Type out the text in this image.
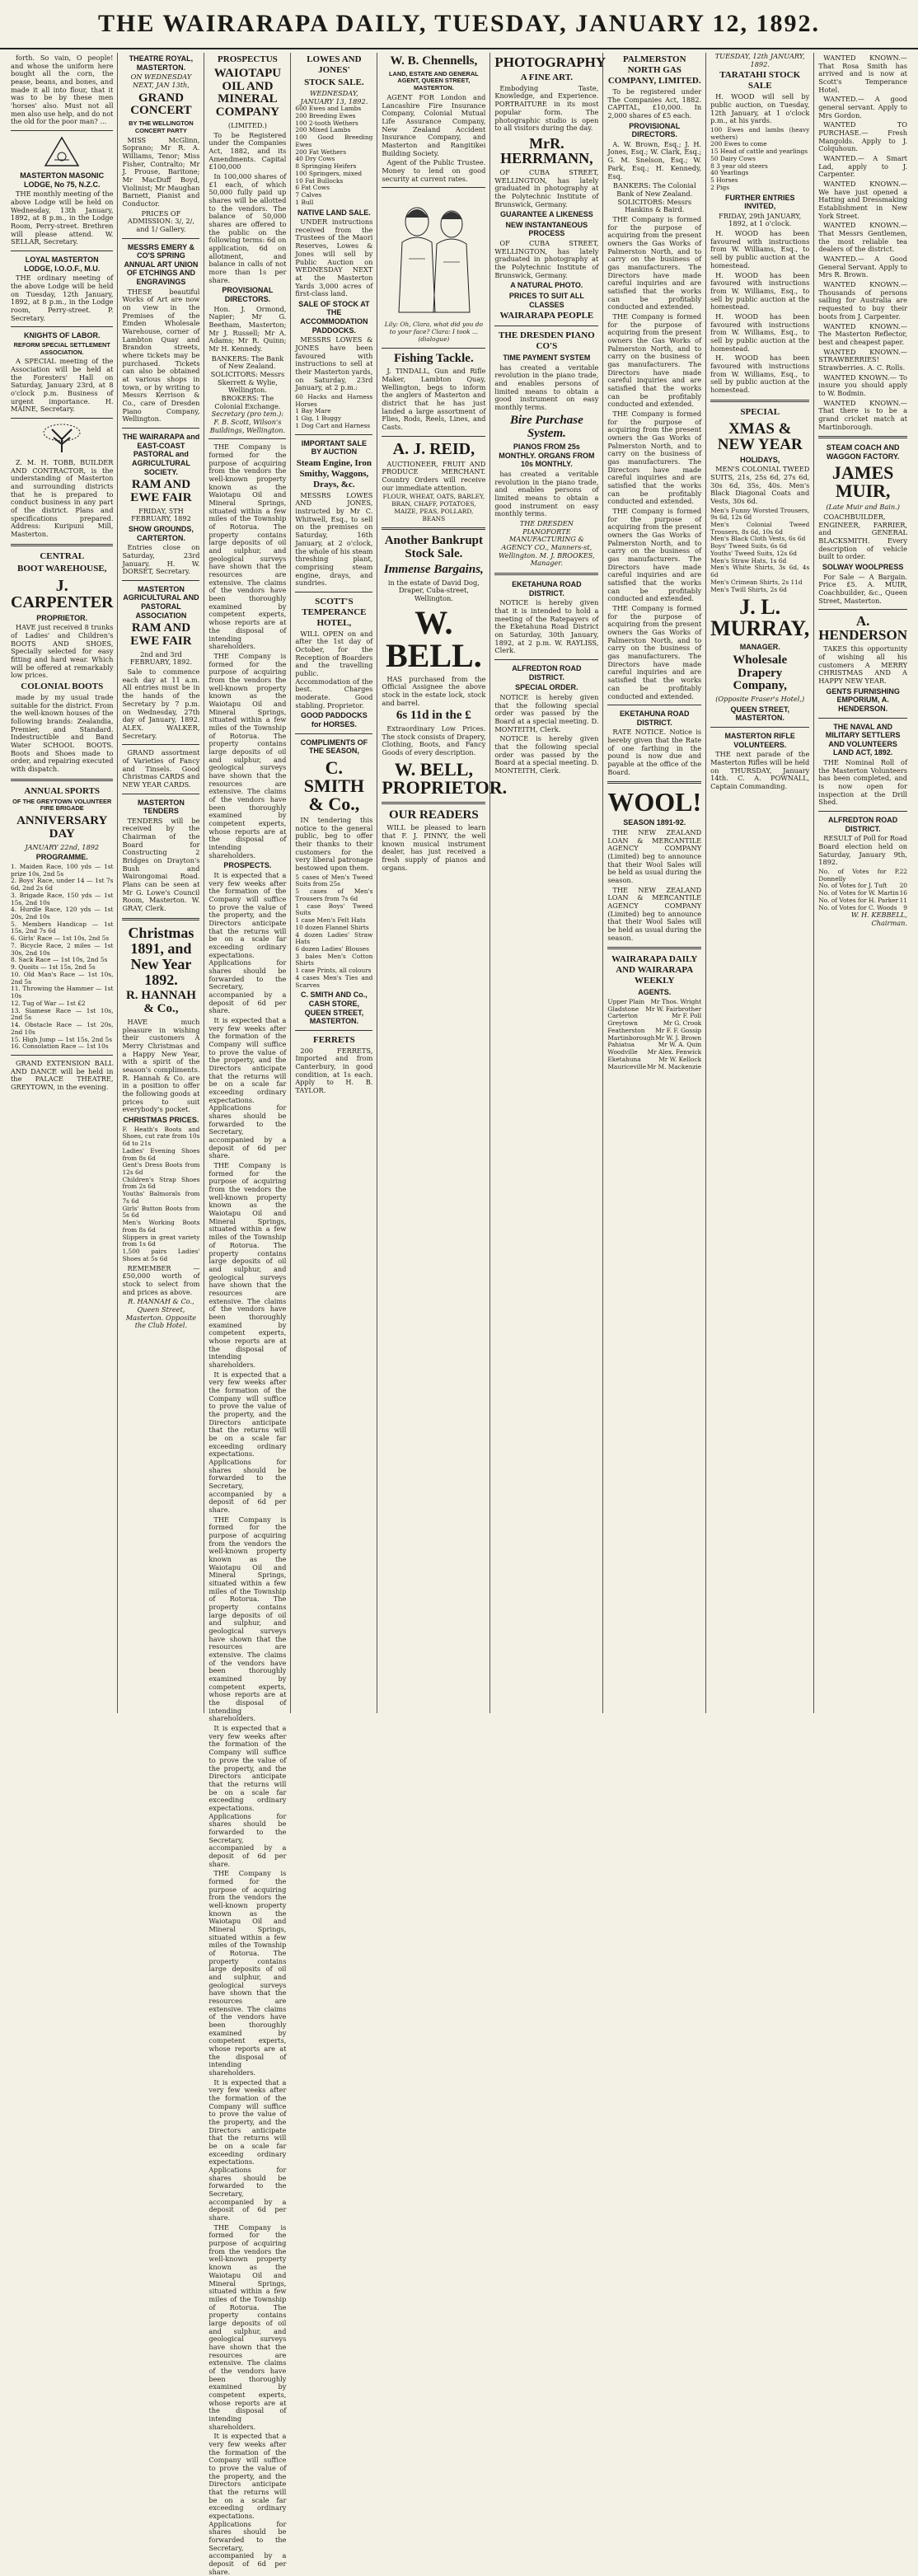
THE WAIRARAPA DAILY, TUESDAY, JANUARY 12, 1892.
forth. So vain, O people! and whose the uniform here bought all the corn, the pease, beans, and bones, and made it all into flour, that it was to be by these men 'horses' also. Must not all men also use help, and do not the old for the poor man? ...
MASTERTON MASONIC LODGE, No 75, N.Z.C.
THE monthly meeting of the above Lodge will be held on Wednesday, 13th January, 1892, at 8 p.m., in the Lodge Room, Perry-street. Brethren will please attend. W. SELLAR, Secretary.
LOYAL MASTERTON LODGE, I.O.O.F., M.U.
THE ordinary meeting of the above Lodge will be held on Tuesday, 12th January, 1892, at 8 p.m., in the Lodge room, Perry-street. P. Secretary.
KNIGHTS OF LABOR.
REFORM SPECIAL SETTLEMENT ASSOCIATION.
A SPECIAL meeting of the Association will be held at the Foresters' Hall on Saturday, January 23rd, at 8 o'clock p.m. Business of urgent importance. H. MAINE, Secretary.
Z. M. H. TOBB, BUILDER AND CONTRACTOR, is the understanding of Masterton and surrounding districts that he is prepared to conduct business in any part of the district. Plans and specifications prepared. Address: Kuripuni Mill, Masterton.
CENTRAL
BOOT WAREHOUSE,
J. CARPENTER
PROPRIETOR.
HAVE just received 8 trunks of Ladies' and Children's BOOTS AND SHOES, Specially selected for easy fitting and hard wear. Which will be offered at remarkably low prices.
COLONIAL BOOTS
made by my usual trade suitable for the district. From the well-known houses of the following brands: Zealandia, Premier, and Standard. Indestructible and Band Water SCHOOL BOOTS. Boots and Shoes made to order, and repairing executed with dispatch.
ANNUAL SPORTS
OF THE GREYTOWN VOLUNTEER FIRE BRIGADE
ANNIVERSARY DAY
JANUARY 22nd, 1892
PROGRAMME.
1. Maiden Race, 100 yds — 1st prize 10s, 2nd 5s
2. Boys' Race, under 14 — 1st 7s 6d, 2nd 2s 6d
3. Brigade Race, 150 yds — 1st 15s, 2nd 10s
4. Hurdle Race, 120 yds — 1st 20s, 2nd 10s
5. Members Handicap — 1st 15s, 2nd 7s 6d
6. Girls' Race — 1st 10s, 2nd 5s
7. Bicycle Race, 2 miles — 1st 30s, 2nd 10s
8. Sack Race — 1st 10s, 2nd 5s
9. Quoits — 1st 15s, 2nd 5s
10. Old Man's Race — 1st 10s, 2nd 5s
11. Throwing the Hammer — 1st 10s
12. Tug of War — 1st £2
13. Siamese Race — 1st 10s, 2nd 5s
14. Obstacle Race — 1st 20s, 2nd 10s
15. High Jump — 1st 15s, 2nd 5s
16. Consolation Race — 1st 10s
GRAND EXTENSION BALL AND DANCE will be held in the PALACE THEATRE, GREYTOWN, in the evening.
THEATRE ROYAL, MASTERTON.
ON WEDNESDAY NEXT, JAN 13th,
GRAND CONCERT
BY THE WELLINGTON CONCERT PARTY
MISS McGlinn, Soprano; Mr R. A. Williams, Tenor; Miss Fisher, Contralto; Mr J. Prouse, Baritone; Mr MacDuff Boyd, Violinist; Mr Maughan Barnett, Pianist and Conductor.
PRICES OF ADMISSION: 3/, 2/, and 1/ Gallery.
MESSRS EMERY & CO'S SPRING ANNUAL ART UNION OF ETCHINGS AND ENGRAVINGS
THESE beautiful Works of Art are now on view in the Premises of the Emden Wholesale Warehouse, corner of Lambton Quay and Brandon streets, where tickets may be purchased. Tickets can also be obtained at various shops in town, or by writing to Messrs Kerrison & Co., care of Dresden Piano Company, Wellington.
THE WAIRARAPA and EAST-COAST PASTORAL and AGRICULTURAL SOCIETY.
RAM AND EWE FAIR
FRIDAY, 5TH FEBRUARY, 1892
SHOW GROUNDS, CARTERTON.
Entries close on Saturday, 23rd January. H. W. DORSET, Secretary.
MASTERTON AGRICULTURAL AND PASTORAL ASSOCIATION
RAM AND EWE FAIR
2nd and 3rd FEBRUARY, 1892.
Sale to commence each day at 11 a.m. All entries must be in the hands of the Secretary by 7 p.m. on Wednesday, 27th day of January, 1892. ALEX. WALKER, Secretary.
GRAND assortment of Varieties of Fancy and Tinsels. Good Christmas CARDS and NEW YEAR CARDS.
MASTERTON TENDERS
TENDERS will be received by the Chairman of the Board for Constructing 2 Bridges on Drayton's Bush and Wairongomai Road. Plans can be seen at Mr G. Lowe's Council Room, Masterton. W. GRAY, Clerk.
Christmas 1891, and New Year 1892.
R. HANNAH & Co.,
HAVE much pleasure in wishing their customers A Merry Christmas and a Happy New Year, with a spirit of the season's compliments. R. Hannah & Co. are in a position to offer the following goods at prices to suit everybody's pocket.
CHRISTMAS PRICES.
F. Heath's Boots and Shoes, cut rate from 10s 6d to 21s
Ladies' Evening Shoes from 8s 6d
Gent's Dress Boots from 12s 6d
Children's Strap Shoes from 2s 6d
Youths' Balmorals from 7s 6d
Girls' Button Boots from 5s 6d
Men's Working Boots from 8s 6d
Slippers in great variety from 1s 6d
1,500 pairs Ladies' Shoes at 5s 6d
REMEMBER — £50,000 worth of stock to select from and prices as above.
R. HANNAH & Co., Queen Street, Masterton. Opposite the Club Hotel.
PROSPECTUS
WAIOTAPU OIL AND MINERAL COMPANY
(LIMITED.)
To be Registered under the Companies Act, 1882, and its Amendments. Capital £100,000
In 100,000 shares of £1 each, of which 50,000 fully paid up shares will be allotted to the vendors. The balance of 50,000 shares are offered to the public on the following terms: 6d on application, 6d on allotment, and balance in calls of not more than 1s per share.
PROVISIONAL DIRECTORS.
Hon. J. Ormond, Napier; Mr G. Beetham, Masterton; Mr J. Russell; Mr A. Adams; Mr R. Quinn; Mr H. Kennedy.
BANKERS: The Bank of New Zealand.
SOLICITORS: Messrs Skerrett & Wylie, Wellington.
BROKERS: The Colonial Exchange.
Secretary (pro tem.): F. B. Scott, Wilson's Buildings, Wellington.
THE Company is formed for the purpose of acquiring from the vendors the well-known property known as the Waiotapu Oil and Mineral Springs, situated within a few miles of the Township of Rotorua. The property contains large deposits of oil and sulphur, and geological surveys have shown that the resources are extensive. The claims of the vendors have been thoroughly examined by competent experts, whose reports are at the disposal of intending shareholders.
THE Company is formed for the purpose of acquiring from the vendors the well-known property known as the Waiotapu Oil and Mineral Springs, situated within a few miles of the Township of Rotorua. The property contains large deposits of oil and sulphur, and geological surveys have shown that the resources are extensive. The claims of the vendors have been thoroughly examined by competent experts, whose reports are at the disposal of intending shareholders.
PROSPECTS.
It is expected that a very few weeks after the formation of the Company will suffice to prove the value of the property, and the Directors anticipate that the returns will be on a scale far exceeding ordinary expectations. Applications for shares should be forwarded to the Secretary, accompanied by a deposit of 6d per share.
It is expected that a very few weeks after the formation of the Company will suffice to prove the value of the property, and the Directors anticipate that the returns will be on a scale far exceeding ordinary expectations. Applications for shares should be forwarded to the Secretary, accompanied by a deposit of 6d per share.
THE Company is formed for the purpose of acquiring from the vendors the well-known property known as the Waiotapu Oil and Mineral Springs, situated within a few miles of the Township of Rotorua. The property contains large deposits of oil and sulphur, and geological surveys have shown that the resources are extensive. The claims of the vendors have been thoroughly examined by competent experts, whose reports are at the disposal of intending shareholders.
It is expected that a very few weeks after the formation of the Company will suffice to prove the value of the property, and the Directors anticipate that the returns will be on a scale far exceeding ordinary expectations. Applications for shares should be forwarded to the Secretary, accompanied by a deposit of 6d per share.
THE Company is formed for the purpose of acquiring from the vendors the well-known property known as the Waiotapu Oil and Mineral Springs, situated within a few miles of the Township of Rotorua. The property contains large deposits of oil and sulphur, and geological surveys have shown that the resources are extensive. The claims of the vendors have been thoroughly examined by competent experts, whose reports are at the disposal of intending shareholders.
It is expected that a very few weeks after the formation of the Company will suffice to prove the value of the property, and the Directors anticipate that the returns will be on a scale far exceeding ordinary expectations. Applications for shares should be forwarded to the Secretary, accompanied by a deposit of 6d per share.
THE Company is formed for the purpose of acquiring from the vendors the well-known property known as the Waiotapu Oil and Mineral Springs, situated within a few miles of the Township of Rotorua. The property contains large deposits of oil and sulphur, and geological surveys have shown that the resources are extensive. The claims of the vendors have been thoroughly examined by competent experts, whose reports are at the disposal of intending shareholders.
It is expected that a very few weeks after the formation of the Company will suffice to prove the value of the property, and the Directors anticipate that the returns will be on a scale far exceeding ordinary expectations. Applications for shares should be forwarded to the Secretary, accompanied by a deposit of 6d per share.
THE Company is formed for the purpose of acquiring from the vendors the well-known property known as the Waiotapu Oil and Mineral Springs, situated within a few miles of the Township of Rotorua. The property contains large deposits of oil and sulphur, and geological surveys have shown that the resources are extensive. The claims of the vendors have been thoroughly examined by competent experts, whose reports are at the disposal of intending shareholders.
It is expected that a very few weeks after the formation of the Company will suffice to prove the value of the property, and the Directors anticipate that the returns will be on a scale far exceeding ordinary expectations. Applications for shares should be forwarded to the Secretary, accompanied by a deposit of 6d per share.
LOWES AND JONES'
STOCK SALE.
WEDNESDAY, JANUARY 13, 1892.
600 Ewes and Lambs
200 Breeding Ewes
100 2-tooth Wethers
200 Mixed Lambs
100 Good Breeding Ewes
200 Fat Wethers
40 Dry Cows
8 Springing Heifers
100 Springers, mixed
10 Fat Bullocks
6 Fat Cows
7 Calves
1 Bull
NATIVE LAND SALE.
UNDER instructions received from the Trustees of the Maori Reserves, Lowes & Jones will sell by Public Auction on WEDNESDAY NEXT at the Masterton Yards 3,000 acres of first-class land.
SALE OF STOCK AT THE ACCOMMODATION PADDOCKS.
MESSRS LOWES & JONES have been favoured with instructions to sell at their Masterton yards, on Saturday, 23rd January, at 2 p.m.:
60 Hacks and Harness Horses
1 Bay Mare
1 Gig, 1 Buggy
1 Dog Cart and Harness
IMPORTANT SALE BY AUCTION
Steam Engine, Iron Smithy, Waggons, Drays, &c.
MESSRS LOWES AND JONES, instructed by Mr C. Whitwell, Esq., to sell on the premises on Saturday, 16th January, at 2 o'clock, the whole of his steam threshing plant, comprising steam engine, drays, and sundries.
SCOTT'S TEMPERANCE HOTEL,
WILL OPEN on and after the 1st day of October, for the Reception of Boarders and the travelling public. Accommodation of the best. Charges moderate. Good stabling. Proprietor.
GOOD PADDOCKS for HORSES.
COMPLIMENTS OF THE SEASON,
C. SMITH & Co.,
IN tendering this notice to the general public, beg to offer their thanks to their customers for the very liberal patronage bestowed upon them.
5 cases of Men's Tweed Suits from 25s
5 cases of Men's Trousers from 7s 6d
1 case Boys' Tweed Suits
1 case Men's Felt Hats
10 dozen Flannel Shirts
4 dozen Ladies' Straw Hats
6 dozen Ladies' Blouses
3 bales Men's Cotton Shirts
1 case Prints, all colours
4 cases Men's Ties and Scarves
C. SMITH AND Co., CASH STORE, QUEEN STREET, MASTERTON.
FERRETS
200 FERRETS, Imported and from Canterbury, in good condition, at 1s each. Apply to H. B. TAYLOR.
W. B. Chennells,
LAND, ESTATE AND GENERAL AGENT, QUEEN STREET, MASTERTON.
AGENT FOR London and Lancashire Fire Insurance Company, Colonial Mutual Life Assurance Company, New Zealand Accident Insurance Company, and Masterton and Rangitikei Building Society.
Agent of the Public Trustee. Money to lend on good security at current rates.
Lily: Oh, Clara, what did you do to your face? Clara: I took ... (dialogue)
Fishing Tackle.
J. TINDALL, Gun and Rifle Maker, Lambton Quay, Wellington, begs to inform the anglers of Masterton and district that he has just landed a large assortment of Flies, Rods, Reels, Lines, and Casts.
A. J. REID,
AUCTIONEER, FRUIT AND PRODUCE MERCHANT. Country Orders will receive our immediate attention.
FLOUR, WHEAT, OATS, BARLEY, BRAN, CHAFF, POTATOES, MAIZE, PEAS, POLLARD, BEANS
Another Bankrupt Stock Sale.
Immense Bargains,
in the estate of David Dog, Draper, Cuba-street, Wellington.
W. BELL.
HAS purchased from the Official Assignee the above stock in the estate lock, stock and barrel.
6s 11d in the £
Extraordinary Low Prices. The stock consists of Drapery, Clothing, Boots, and Fancy Goods of every description.
W. BELL, PROPRIETOR.
OUR READERS
WILL be pleased to learn that F. J. PINNY, the well known musical instrument dealer, has just received a fresh supply of pianos and organs.
PHOTOGRAPHY
A FINE ART.
Embodying Taste, Knowledge, and Experience. PORTRAITURE in its most popular form. The photographic studio is open to all visitors during the day.
MrR. HERRMANN,
OF CUBA STREET, WELLINGTON, has lately graduated in photography at the Polytechnic Institute of Brunswick, Germany.
GUARANTEE A LIKENESS
NEW INSTANTANEOUS PROCESS
OF CUBA STREET, WELLINGTON, has lately graduated in photography at the Polytechnic Institute of Brunswick, Germany.
A NATURAL PHOTO.
PRICES TO SUIT ALL CLASSES
WAIRARAPA PEOPLE
THE DRESDEN PIANO CO'S
TIME PAYMENT SYSTEM
has created a veritable revolution in the piano trade, and enables persons of limited means to obtain a good instrument on easy monthly terms.
Bire Purchase System.
PIANOS FROM 25s MONTHLY. ORGANS FROM 10s MONTHLY.
has created a veritable revolution in the piano trade, and enables persons of limited means to obtain a good instrument on easy monthly terms.
THE DRESDEN PIANOFORTE MANUFACTURING & AGENCY CO., Manners-st, Wellington. M. J. BROOKES, Manager.
EKETAHUNA ROAD DISTRICT.
NOTICE is hereby given that it is intended to hold a meeting of the Ratepayers of the Eketahuna Road District on Saturday, 30th January, 1892, at 2 p.m. W. RAYLISS, Clerk.
ALFREDTON ROAD DISTRICT.
SPECIAL ORDER.
NOTICE is hereby given that the following special order was passed by the Board at a special meeting. D. MONTEITH, Clerk.
NOTICE is hereby given that the following special order was passed by the Board at a special meeting. D. MONTEITH, Clerk.
PALMERSTON NORTH GAS COMPANY, LIMITED.
To be registered under The Companies Act, 1882. CAPITAL, £10,000. In 2,000 shares of £5 each.
PROVISIONAL DIRECTORS.
A. W. Brown, Esq.; J. H. Jones, Esq.; W. Clark, Esq.; G. M. Snelson, Esq.; W. Park, Esq.; H. Kennedy, Esq.
BANKERS: The Colonial Bank of New Zealand.
SOLICITORS: Messrs Hankins & Baird.
THE Company is formed for the purpose of acquiring from the present owners the Gas Works of Palmerston North, and to carry on the business of gas manufacturers. The Directors have made careful inquiries and are satisfied that the works can be profitably conducted and extended.
THE Company is formed for the purpose of acquiring from the present owners the Gas Works of Palmerston North, and to carry on the business of gas manufacturers. The Directors have made careful inquiries and are satisfied that the works can be profitably conducted and extended.
THE Company is formed for the purpose of acquiring from the present owners the Gas Works of Palmerston North, and to carry on the business of gas manufacturers. The Directors have made careful inquiries and are satisfied that the works can be profitably conducted and extended.
THE Company is formed for the purpose of acquiring from the present owners the Gas Works of Palmerston North, and to carry on the business of gas manufacturers. The Directors have made careful inquiries and are satisfied that the works can be profitably conducted and extended.
THE Company is formed for the purpose of acquiring from the present owners the Gas Works of Palmerston North, and to carry on the business of gas manufacturers. The Directors have made careful inquiries and are satisfied that the works can be profitably conducted and extended.
EKETAHUNA ROAD DISTRICT.
RATE NOTICE. Notice is hereby given that the Rate of one farthing in the pound is now due and payable at the office of the Board.
WOOL!
SEASON 1891-92.
THE NEW ZEALAND LOAN & MERCANTILE AGENCY COMPANY (Limited) beg to announce that their Wool Sales will be held as usual during the season.
THE NEW ZEALAND LOAN & MERCANTILE AGENCY COMPANY (Limited) beg to announce that their Wool Sales will be held as usual during the season.
WAIRARAPA DAILY AND WAIRARAPA WEEKLY
AGENTS.
Upper Plain Mr Thos. Wright
Gladstone Mr W. Fairbrother
Carterton	Mr F. Poll
Greytown	Mr G. Crook
Featherston Mr F. F. Gossip
Martinborough Mr W. J. Brown
Pahiatua	Mr W. A. Quin
Woodville Mr Alex. Fenwick
Eketahuna	Mr W. Kellock
Mauriceville Mr M. Mackenzie
TUESDAY, 12th JANUARY, 1892.
TARATAHI STOCK SALE
H. WOOD will sell by public auction, on Tuesday, 12th January, at 1 o'clock p.m., at his yards.
100 Ewes and lambs (heavy wethers)
200 Ewes to come
15 Head of cattle and yearlings
50 Dairy Cows
8 3 year old steers
40 Yearlings
5 Horses
2 Pigs
FURTHER ENTRIES INVITED,
FRIDAY, 29th JANUARY, 1892, at 1 o'clock.
H. WOOD has been favoured with instructions from W. Williams, Esq., to sell by public auction at the homestead.
H. WOOD has been favoured with instructions from W. Williams, Esq., to sell by public auction at the homestead.
H. WOOD has been favoured with instructions from W. Williams, Esq., to sell by public auction at the homestead.
H. WOOD has been favoured with instructions from W. Williams, Esq., to sell by public auction at the homestead.
SPECIAL
XMAS & NEW YEAR
HOLIDAYS,
MEN'S COLONIAL TWEED SUITS, 21s, 25s 6d, 27s 6d, 30s 6d, 35s, 40s. Men's Black Diagonal Coats and Vests, 30s 6d.
Men's Funny Worsted Trousers, 9s 6d, 12s 6d
Men's Colonial Tweed Trousers, 8s 6d, 10s 6d
Men's Black Cloth Vests, 6s 6d
Boys' Tweed Suits, 6s 6d
Youths' Tweed Suits, 12s 6d
Men's Straw Hats, 1s 6d
Men's White Shirts, 3s 6d, 4s 6d
Men's Crimean Shirts, 2s 11d
Men's Twill Shirts, 2s 6d
J. L. MURRAY,
MANAGER.
Wholesale Drapery Company,
(Opposite Fraser's Hotel,)
QUEEN STREET, MASTERTON.
MASTERTON RIFLE VOLUNTEERS.
THE next parade of the Masterton Rifles will be held on THURSDAY, January 14th. C. A. POWNALL, Captain Commanding.
WANTED KNOWN.— That Rosa Smith has arrived and is now at Scott's Temperance Hotel.
WANTED.— A good general servant. Apply to Mrs Gordon.
WANTED TO PURCHASE.— Fresh Mangolds. Apply to J. Colquhoun.
WANTED.— A Smart Lad, apply to J. Carpenter.
WANTED KNOWN.— We have just opened a Hatting and Dressmaking Establishment in New York Street.
WANTED KNOWN.— That Messrs Gentlemen, the most reliable tea dealers of the district.
WANTED.— A Good General Servant. Apply to Mrs R. Brown.
WANTED KNOWN.— Thousands of persons sailing for Australia are requested to buy their boots from J. Carpenter.
WANTED KNOWN.— The Masterton Reflector, best and cheapest paper.
WANTED KNOWN.— STRAWBERRIES! Strawberries. A. C. Rolls.
WANTED KNOWN.— To insure you should apply to W. Bodmin.
WANTED KNOWN.— That there is to be a grand cricket match at Martinborough.
STEAM COACH AND WAGGON FACTORY.
JAMES MUIR,
(Late Muir and Bain.)
COACHBUILDER, ENGINEER, FARRIER, and GENERAL BLACKSMITH. Every description of vehicle built to order.
SOLWAY WOOLPRESS
For Sale — A Bargain. Price £5. A. MUIR, Coachbuilder, &c., Queen Street, Masterton.
A. HENDERSON
TAKES this opportunity of wishing all his customers A MERRY CHRISTMAS AND A HAPPY NEW YEAR.
GENTS FURNISHING EMPORIUM, A. HENDERSON.
THE NAVAL AND MILITARY SETTLERS AND VOLUNTEERS LAND ACT, 1892.
THE Nominal Roll of the Masterton Volunteers has been completed, and is now open for inspection at the Drill Shed.
ALFREDTON ROAD DISTRICT.
RESULT of Poll for Road Board election held on Saturday, January 9th, 1892.
No. of Votes for P. Donnelly
22
No. of Votes for J. Tuft 20
No. of Votes for W. Martin 16
No. of Votes for H. Parker 11
No. of Votes for C. Woods 9
W. H. KEBBELL, Chairman.
